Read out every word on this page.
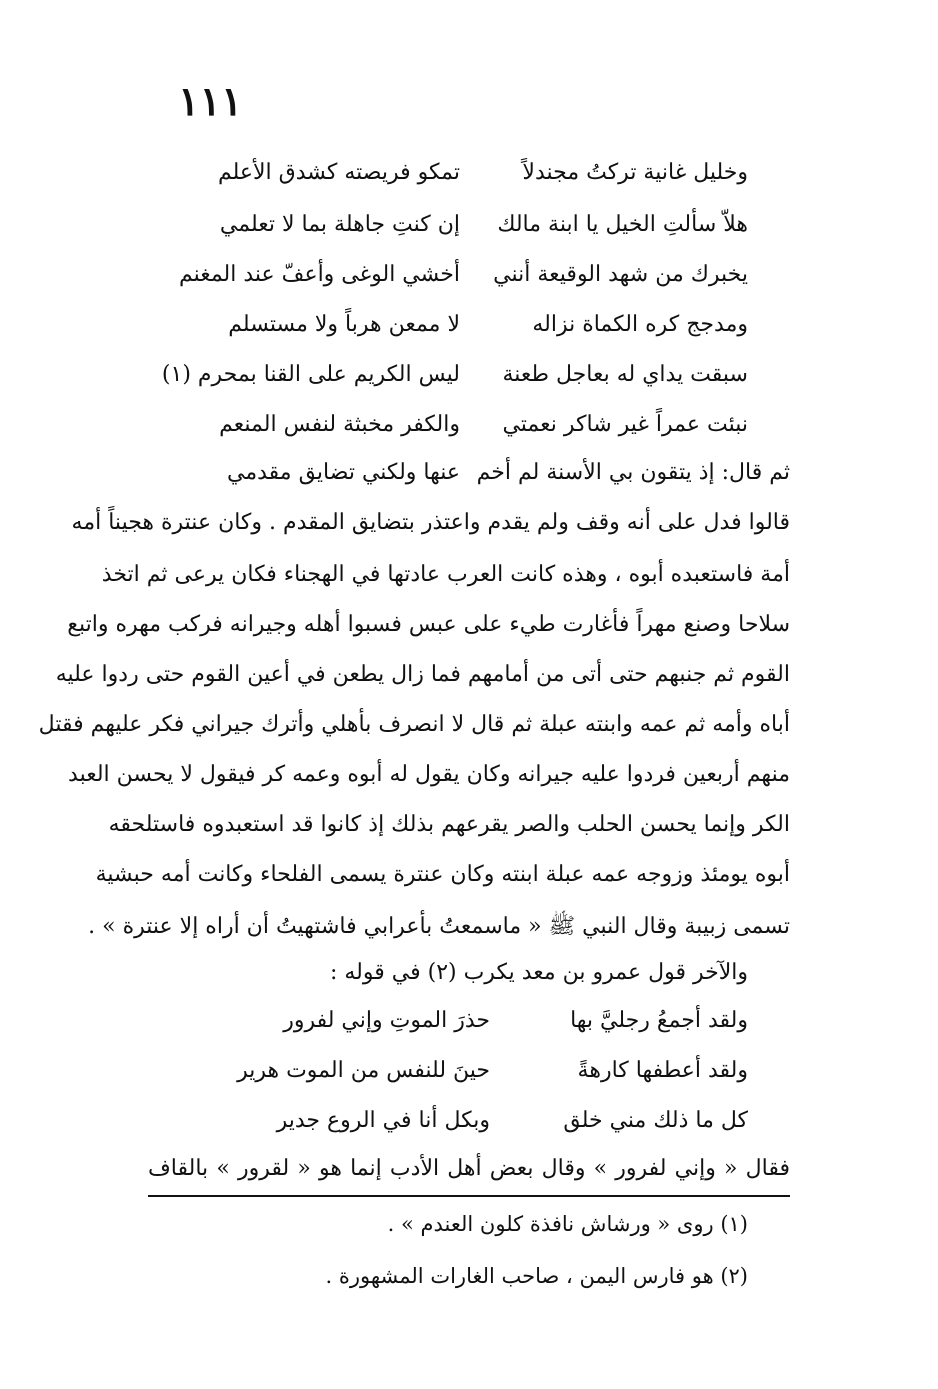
١١١
وخليل غانية تركتُ مجندلاً
تمكو فريصته كشدق الأعلم
هلاّ سألتِ الخيل يا ابنة مالك
إن كنتِ جاهلة بما لا تعلمي
يخبرك من شهد الوقيعة أنني
أخشي الوغى وأعفّ عند المغنم
ومدجج كره الكماة نزاله
لا ممعن هرباً ولا مستسلم
سبقت يداي له بعاجل طعنة
ليس الكريم على القنا بمحرم (١)
نبئت عمراً غير شاكر نعمتي
والكفر مخبثة لنفس المنعم
ثم قال: إذ يتقون بي الأسنة لم أخم
عنها ولكني تضايق مقدمي
قالوا فدل على أنه وقف ولم يقدم واعتذر بتضايق المقدم . وكان عنترة هجيناً أمه
أمة فاستعبده أبوه ، وهذه كانت العرب عادتها في الهجناء فكان يرعى ثم اتخذ
سلاحا وصنع مهراً فأغارت طيء على عبس فسبوا أهله وجيرانه فركب مهره واتبع
القوم ثم جنبهم حتى أتى من أمامهم فما زال يطعن في أعين القوم حتى ردوا عليه
أباه وأمه ثم عمه وابنته عبلة ثم قال لا انصرف بأهلي وأترك جيراني فكر عليهم فقتل
منهم أربعين فردوا عليه جيرانه وكان يقول له أبوه وعمه كر فيقول لا يحسن العبد
الكر وإنما يحسن الحلب والصر يقرعهم بذلك إذ كانوا قد استعبدوه فاستلحقه
أبوه يومئذ وزوجه عمه عبلة ابنته وكان عنترة يسمى الفلحاء وكانت أمه حبشية
تسمى زبيبة وقال النبي ﷺ « ماسمعتُ بأعرابي فاشتهيتُ أن أراه إلا عنترة » .
والآخر قول عمرو بن معد يكرب (٢) في قوله :
ولقد أجمعُ رجليَّ بها
حذرَ الموتِ وإني لفرور
ولقد أعطفها كارهةً
حينَ للنفس من الموت هرير
كل ما ذلك مني خلق
وبكل أنا في الروع جدير
فقال « وإني لفرور » وقال بعض أهل الأدب إنما هو « لقرور » بالقاف
(١) روى « ورشاش نافذة كلون العندم » .
(٢) هو فارس اليمن ، صاحب الغارات المشهورة .
